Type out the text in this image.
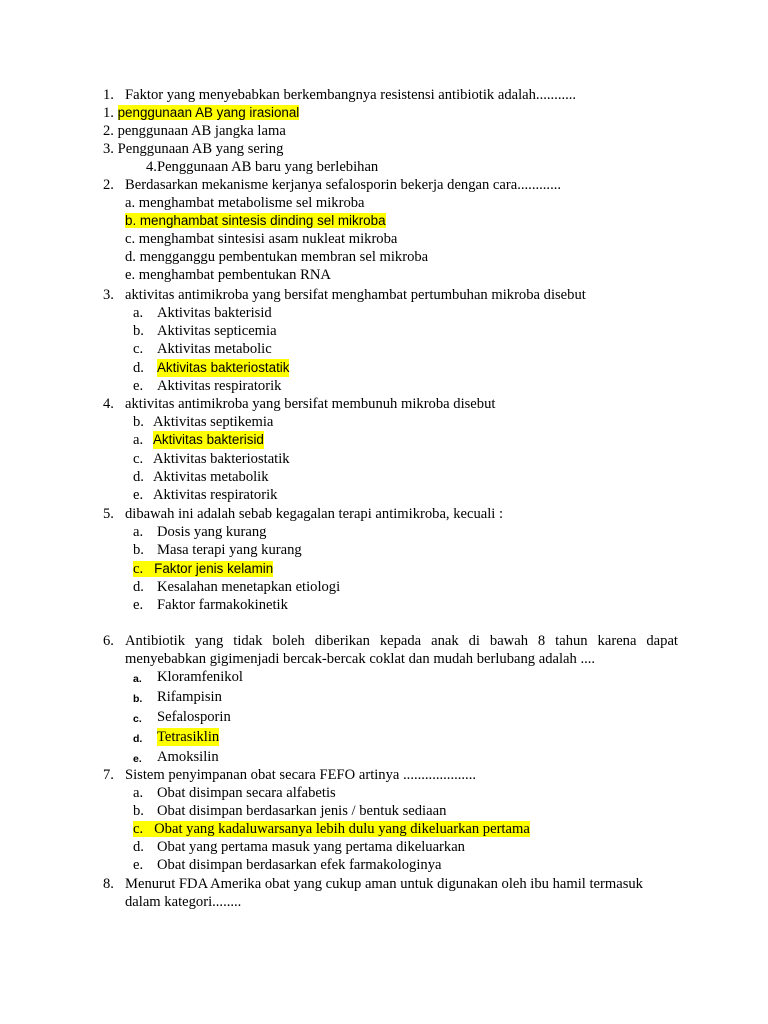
1. Faktor yang menyebabkan berkembangnya resistensi antibiotik adalah...........
1. penggunaan AB yang irasional
2. penggunaan AB jangka lama
3. Penggunaan AB yang sering
4.Penggunaan AB baru yang berlebihan
2. Berdasarkan mekanisme kerjanya sefalosporin bekerja dengan cara............
a. menghambat metabolisme sel mikroba
b. menghambat sintesis dinding sel mikroba
c. menghambat sintesisi asam nukleat mikroba
d. mengganggu pembentukan membran sel mikroba
e. menghambat pembentukan RNA
3. aktivitas antimikroba yang bersifat menghambat pertumbuhan mikroba disebut
a. Aktivitas bakterisid
b. Aktivitas septicemia
c. Aktivitas metabolic
d. Aktivitas bakteriostatik
e. Aktivitas respiratorik
4. aktivitas antimikroba yang bersifat membunuh mikroba disebut
b. Aktivitas septikemia
a. Aktivitas bakterisid
c. Aktivitas bakteriostatik
d. Aktivitas metabolik
e. Aktivitas respiratorik
5. dibawah ini adalah sebab kegagalan terapi antimikroba, kecuali :
a. Dosis yang kurang
b. Masa terapi yang kurang
c. Faktor jenis kelamin
d. Kesalahan menetapkan etiologi
e. Faktor farmakokinetik
6. Antibiotik yang tidak boleh diberikan kepada anak di bawah 8 tahun karena dapat
menyebabkan gigimenjadi bercak-bercak coklat dan mudah berlubang adalah ....
a. Kloramfenikol
b. Rifampisin
c. Sefalosporin
d. Tetrasiklin
e. Amoksilin
7. Sistem penyimpanan obat secara FEFO artinya ....................
a. Obat disimpan secara alfabetis
b. Obat disimpan berdasarkan jenis / bentuk sediaan
c. Obat yang kadaluwarsanya lebih dulu yang dikeluarkan pertama
d. Obat yang pertama masuk yang pertama dikeluarkan
e. Obat disimpan berdasarkan efek farmakologinya
8. Menurut FDA Amerika obat yang cukup aman untuk digunakan oleh ibu hamil termasuk
dalam kategori........
